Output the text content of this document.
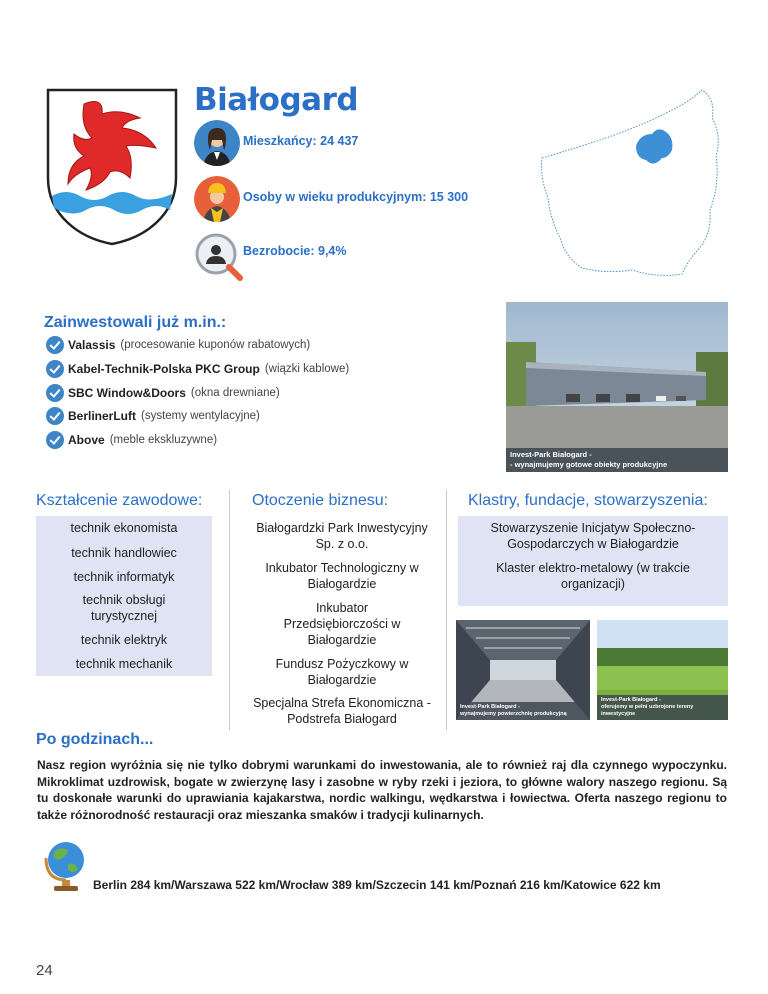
Białogard
Mieszkańcy: 24 437
Osoby w wieku produkcyjnym: 15 300
Bezrobocie: 9,4%
Zainwestowali już m.in.:
Valassis (procesowanie kuponów rabatowych)
Kabel-Technik-Polska PKC Group (wiązki kablowe)
SBC Window&Doors (okna drewniane)
BerlinerLuft (systemy wentylacyjne)
Above (meble ekskluzywne)
Invest-Park Białogard -
- wynajmujemy gotowe obiekty produkcyjne
Kształcenie zawodowe:
technik ekonomista
technik handlowiec
technik informatyk
technik obsługi turystycznej
technik elektryk
technik mechanik
Otoczenie biznesu:
Białogardzki Park Inwestycyjny Sp. z o.o.
Inkubator Technologiczny w Białogardzie
Inkubator Przedsiębiorczości w Białogardzie
Fundusz Pożyczkowy w Białogardzie
Specjalna Strefa Ekonomiczna - Podstrefa Białogard
Klastry, fundacje, stowarzyszenia:
Stowarzyszenie Inicjatyw Społeczno-Gospodarczych w Białogardzie
Klaster elektro-metalowy (w trakcie organizacji)
Invest-Park Białogard -
wynajmujemy powierzchnię produkcyjną
Invest-Park Białogard -
oferujemy w pełni uzbrojone tereny inwestycyjne
Po godzinach...
Nasz region wyróżnia się nie tylko dobrymi warunkami do inwestowania, ale to również raj dla czynnego wypoczynku. Mikroklimat uzdrowisk, bogate w zwierzynę lasy i zasobne w ryby rzeki i jeziora, to główne walory naszego regionu. Są tu doskonałe warunki do uprawiania kajakarstwa, nordic walkingu, wędkarstwa i łowiectwa. Oferta naszego regionu to także różnorodność restauracji oraz mieszanka smaków i tradycji kulinarnych.
Berlin 284 km/Warszawa 522 km/Wrocław 389 km/Szczecin 141 km/Poznań 216 km/Katowice 622 km
24
